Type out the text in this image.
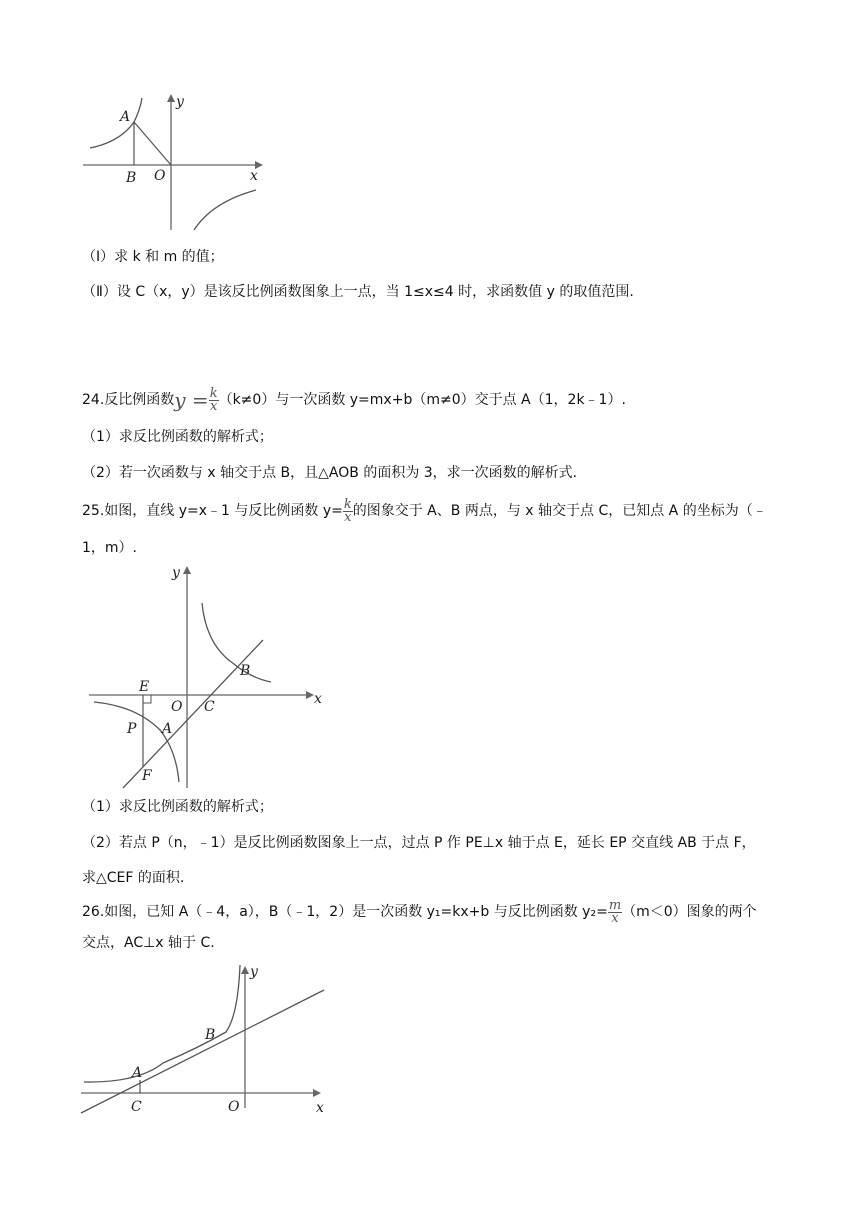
A
B O	x
y
（Ⅰ）求 k 和 m 的值；
（Ⅱ）设 C（x，y）是该反比例函数图象上一点，当 1≤x≤4 时，求函数值 y 的取值范围.
24.反比例函数$y = \frac{k}{x} (k\ne 0)$与一次函数 y=mx+b（m≠0）交于点 A（1，2k﹣1）.
（1）求反比例函数的解析式；
（2）若一次函数与 x 轴交于点 B，且△AOB 的面积为 3，求一次函数的解析式.
25.如图，直线 y=x﹣1 与反比例函数 $y= \frac{k}{x}$ 的图象交于 A、B 两点，与 x 轴交于点 C，已知点 A 的坐标为（﹣
1，m）.
y
x
B
E
O C
P A
F
（1）求反比例函数的解析式；
（2）若点 P（n，﹣1）是反比例函数图象上一点，过点 P 作 PE⊥x 轴于点 E，延长 EP 交直线 AB 于点 F，
求△CEF 的面积.
26.如图，已知 A（﹣4，a），B（﹣1，2）是一次函数 y₁=kx+b 与反比例函数 $y_2= \frac{m}{x} (m<0)$图象的两个
交点，AC⊥x 轴于 C.
y
B
A
C	O	x
